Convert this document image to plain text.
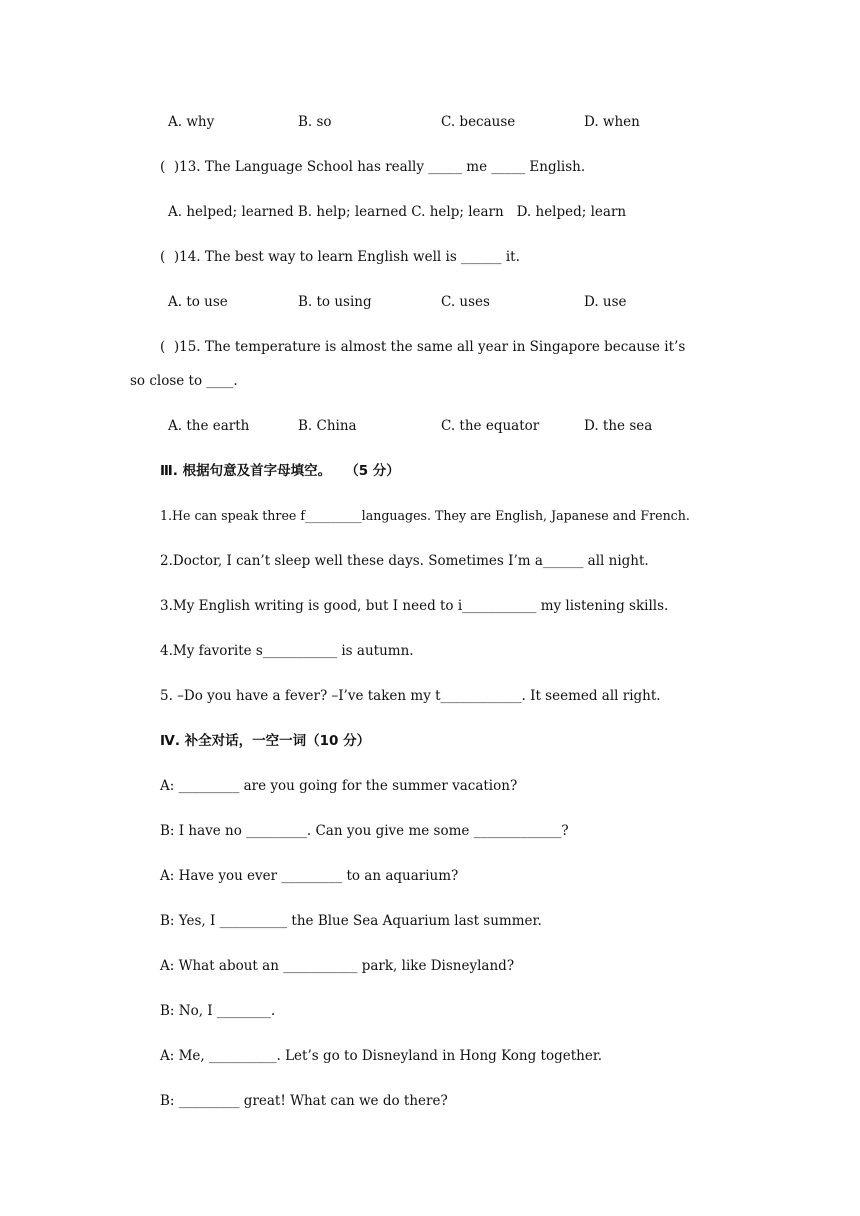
A. why	B. so	C. because	D. when
(  )13. The Language School has really _____ me _____ English.
A. helped; learned B. help; learned C. help; learn   D. helped; learn
(  )14. The best way to learn English well is ______ it.
A. to use	B. to using	C. uses	D. use
(  )15. The temperature is almost the same all year in Singapore because it’s
so close to ____.
A. the earth	B. China	C. the equator	D. the sea
Ⅲ. 根据句意及首字母填空。   （5 分）
1.He can speak three f_________languages. They are English, Japanese and French.
2.Doctor, I can’t sleep well these days. Sometimes I’m a______ all night.
3.My English writing is good, but I need to i___________ my listening skills.
4.My favorite s___________ is autumn.
5. –Do you have a fever? –I’ve taken my t____________. It seemed all right.
Ⅳ. 补全对话，一空一词（10 分）
A: _________ are you going for the summer vacation?
B: I have no _________. Can you give me some _____________?
A: Have you ever _________ to an aquarium?
B: Yes, I __________ the Blue Sea Aquarium last summer.
A: What about an ___________ park, like Disneyland?
B: No, I ________.
A: Me, __________. Let’s go to Disneyland in Hong Kong together.
B: _________ great! What can we do there?
